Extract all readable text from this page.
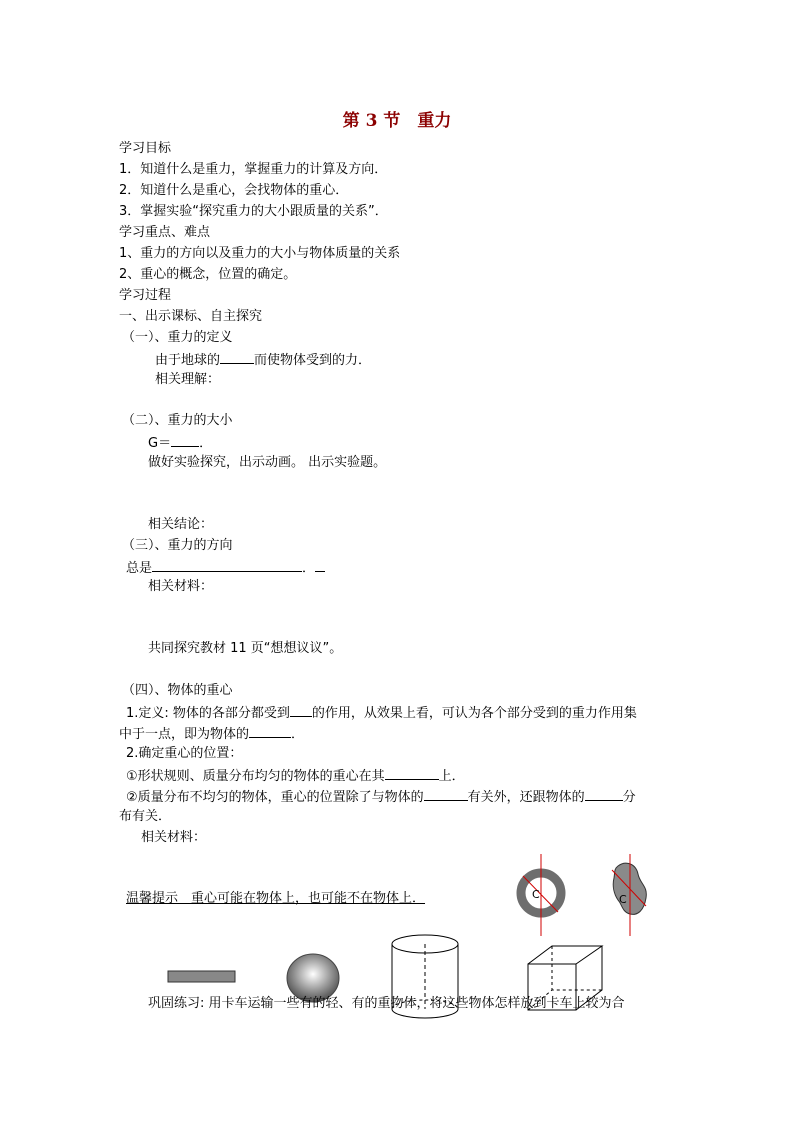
第 3 节　重力
学习目标
1．知道什么是重力，掌握重力的计算及方向．
2．知道什么是重心，会找物体的重心．
3．掌握实验“探究重力的大小跟质量的关系”．
学习重点、难点
1、重力的方向以及重力的大小与物体质量的关系
2、重心的概念，位置的确定。
学习过程
一、出示课标、自主探究
（一）、重力的定义
由于地球的	而使物体受到的力．
相关理解：
（二）、重力的大小
G＝ ．
做好实验探究，出示动画。 出示实验题。
相关结论：
（三）、重力的方向
总是	．
相关材料：
共同探究教材 11 页“想想议议”。
（四）、物体的重心
1.定义: 物体的各部分都受到 的作用，从效果上看，可认为各个部分受到的重力作用集
中于一点，即为物体的	．
2.确定重心的位置：
①形状规则、质量分布均匀的物体的重心在其	上．
②质量分布不均匀的物体，重心的位置除了与物体的	有关外，还跟物体的	分
布有关．
相关材料：
温馨提示　重心可能在物体上，也可能不在物体上．	C	C
巩固练习: 用卡车运输一些有的轻、有的重物体，将这些物体怎样放到卡车上较为合
